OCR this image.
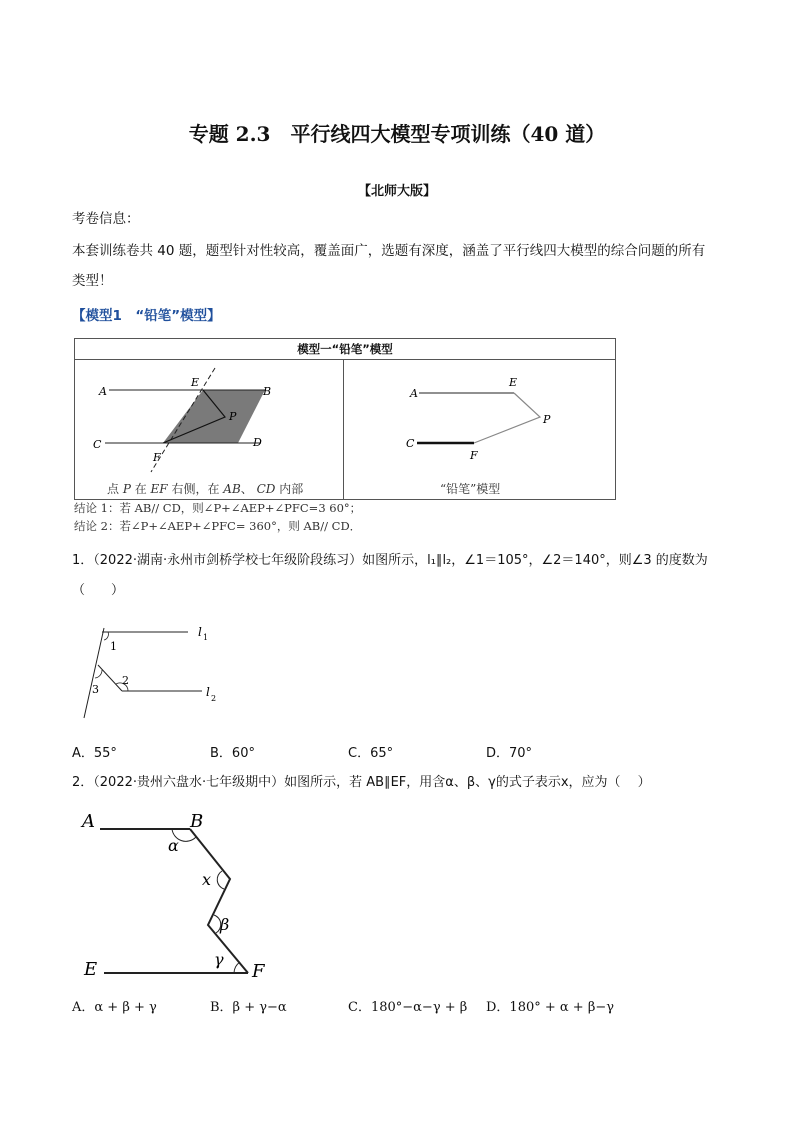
专题 2.3　平行线四大模型专项训练（40 道）
【北师大版】
考卷信息：
本套训练卷共 40 题，题型针对性较高，覆盖面广，选题有深度，涵盖了平行线四大模型的综合问题的所有
类型！
【模型1　“铅笔”模型】
模型一“铅笔”模型
A	B
C	D
E
F
P
点 P 在 EF 右侧，在 AB、 CD 内部
A
C
E
F
P
“铅笔”模型
结论 1：若 AB// CD，则∠P+∠AEP+∠PFC=3 60°；
结论 2：若∠P+∠AEP+∠PFC= 360°，则 AB// CD．
1．（2022·湖南·永州市剑桥学校七年级阶段练习）如图所示，l₁∥l₂，∠1＝105°，∠2＝140°，则∠3 的度数为
（　　）
l 1
l 2
1
2
3
A．55°	B．60°	C．65°	D．70°
2．（2022·贵州六盘水·七年级期中）如图所示，若 AB∥EF，用含α、β、γ的式子表示x，应为（　 ）
A	B
E	F
α
x
β
γ
A．α + β + γ	B．β + γ−α	C．180°−α−γ + β D．180° + α + β−γ
